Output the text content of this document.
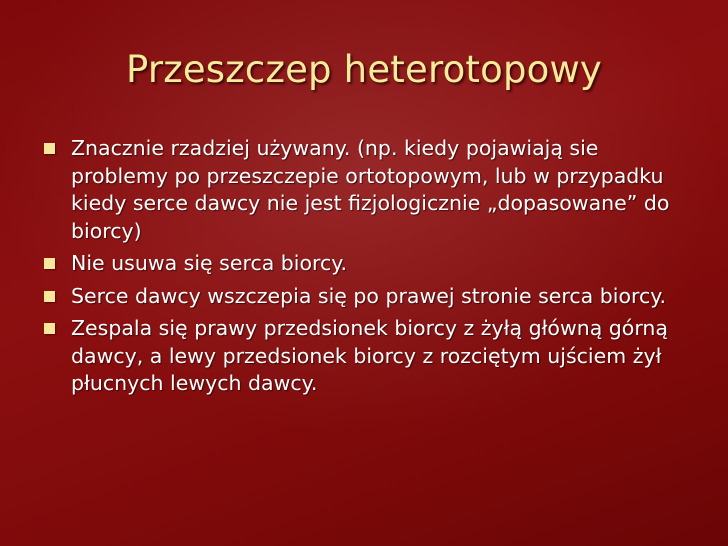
Przeszczep heterotopowy
Znacznie rzadziej używany. (np. kiedy pojawiają sie problemy po przeszczepie ortotopowym, lub w przypadku kiedy serce dawcy nie jest fizjologicznie „dopasowane” do biorcy)
Nie usuwa się serca biorcy.
Serce dawcy wszczepia się po prawej stronie serca biorcy.
Zespala się prawy przedsionek biorcy z żyłą główną górną dawcy, a lewy przedsionek biorcy z rozciętym ujściem żył płucnych lewych dawcy.
